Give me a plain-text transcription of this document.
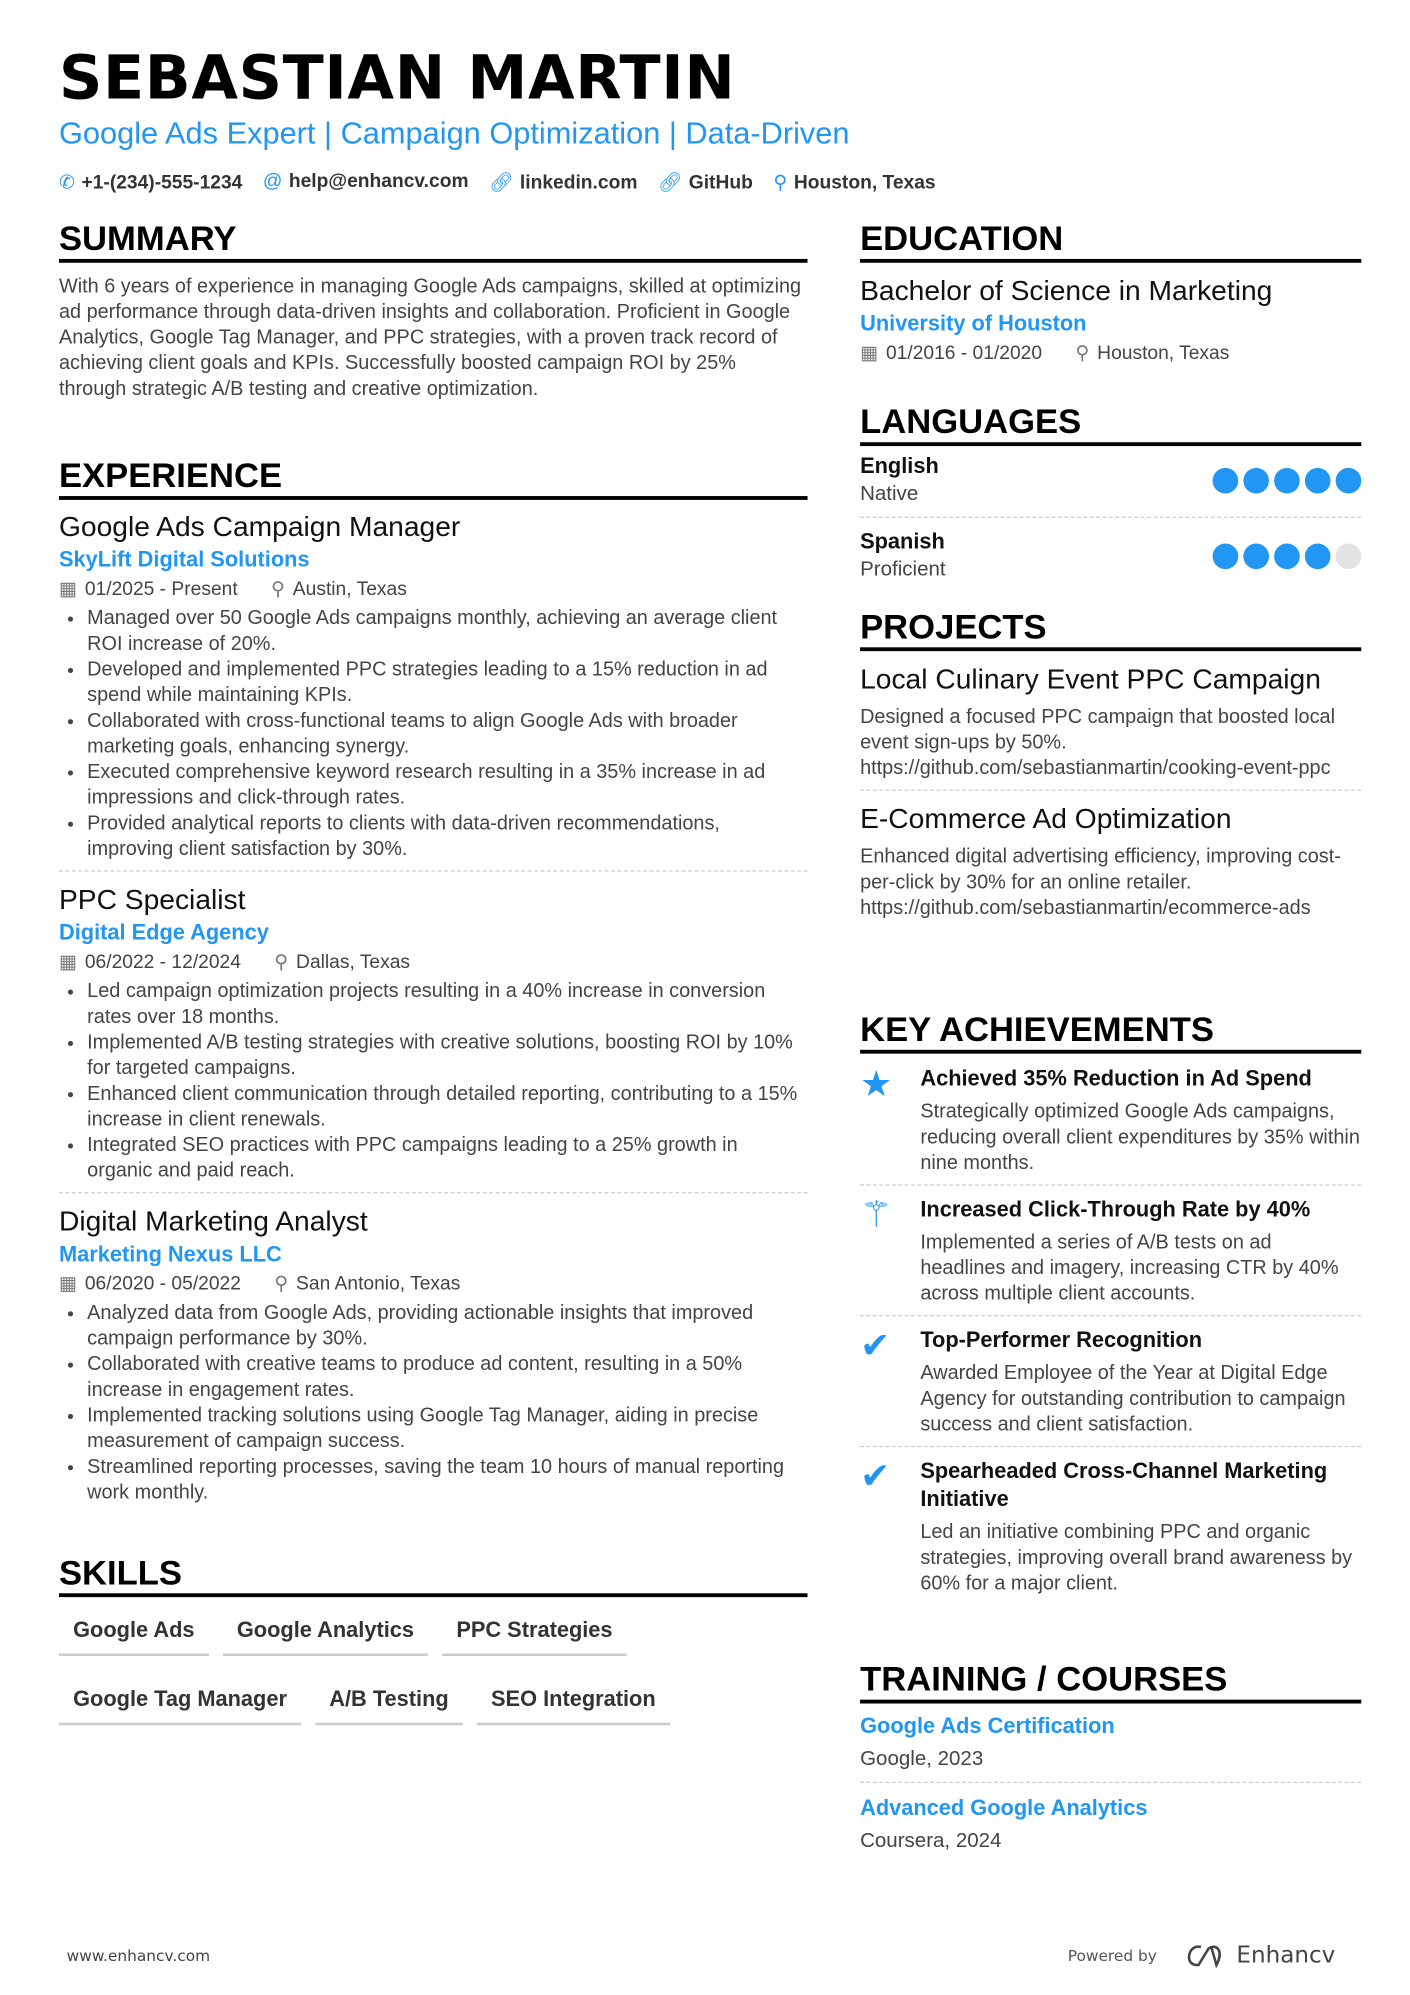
SEBASTIAN MARTIN
Google Ads Expert | Campaign Optimization | Data-Driven
✆ +1-(234)-555-1234 @ help@enhancv.com 🔗︎ linkedin.com 🔗︎ GitHub ⚲ Houston, Texas
SUMMARY
With 6 years of experience in managing Google Ads campaigns, skilled at optimizing ad performance through data-driven insights and collaboration. Proficient in Google Analytics, Google Tag Manager, and PPC strategies, with a proven track record of achieving client goals and KPIs. Successfully boosted campaign ROI by 25% through strategic A/B testing and creative optimization.
EXPERIENCE
Google Ads Campaign Manager
SkyLift Digital Solutions
▦ 01/2025 - Present ⚲ Austin, Texas
• Managed over 50 Google Ads campaigns monthly, achieving an average client ROI increase of 20%.
• Developed and implemented PPC strategies leading to a 15% reduction in ad spend while maintaining KPIs.
• Collaborated with cross-functional teams to align Google Ads with broader marketing goals, enhancing synergy.
• Executed comprehensive keyword research resulting in a 35% increase in ad impressions and click-through rates.
• Provided analytical reports to clients with data-driven recommendations, improving client satisfaction by 30%.
PPC Specialist
Digital Edge Agency
▦ 06/2022 - 12/2024 ⚲ Dallas, Texas
• Led campaign optimization projects resulting in a 40% increase in conversion rates over 18 months.
• Implemented A/B testing strategies with creative solutions, boosting ROI by 10% for targeted campaigns.
• Enhanced client communication through detailed reporting, contributing to a 15% increase in client renewals.
• Integrated SEO practices with PPC campaigns leading to a 25% growth in organic and paid reach.
Digital Marketing Analyst
Marketing Nexus LLC
▦ 06/2020 - 05/2022 ⚲ San Antonio, Texas
• Analyzed data from Google Ads, providing actionable insights that improved campaign performance by 30%.
• Collaborated with creative teams to produce ad content, resulting in a 50% increase in engagement rates.
• Implemented tracking solutions using Google Tag Manager, aiding in precise measurement of campaign success.
• Streamlined reporting processes, saving the team 10 hours of manual reporting work monthly.
SKILLS
Google Ads	Google Analytics	PPC Strategies
Google Tag Manager	A/B Testing	SEO Integration
EDUCATION
Bachelor of Science in Marketing
University of Houston
▦ 01/2016 - 01/2020 ⚲ Houston, Texas
LANGUAGES
English
Native
Spanish
Proficient
PROJECTS
Local Culinary Event PPC Campaign
Designed a focused PPC campaign that boosted local event sign-ups by 50%.
https://github.com/sebastianmartin/cooking-event-ppc
E-Commerce Ad Optimization
Enhanced digital advertising efficiency, improving cost-per-click by 30% for an online retailer.
https://github.com/sebastianmartin/ecommerce-ads
KEY ACHIEVEMENTS
★	Achieved 35% Reduction in Ad Spend
Strategically optimized Google Ads campaigns, reducing overall client expenditures by 35% within nine months.
⚚	Increased Click-Through Rate by 40%
Implemented a series of A/B tests on ad headlines and imagery, increasing CTR by 40% across multiple client accounts.
✔	Top-Performer Recognition
Awarded Employee of the Year at Digital Edge Agency for outstanding contribution to campaign success and client satisfaction.
✔	Spearheaded Cross-Channel Marketing Initiative
Led an initiative combining PPC and organic strategies, improving overall brand awareness by 60% for a major client.
TRAINING / COURSES
Google Ads Certification
Google, 2023
Advanced Google Analytics
Coursera, 2024
www.enhancv.com	Powered by	Enhancv
